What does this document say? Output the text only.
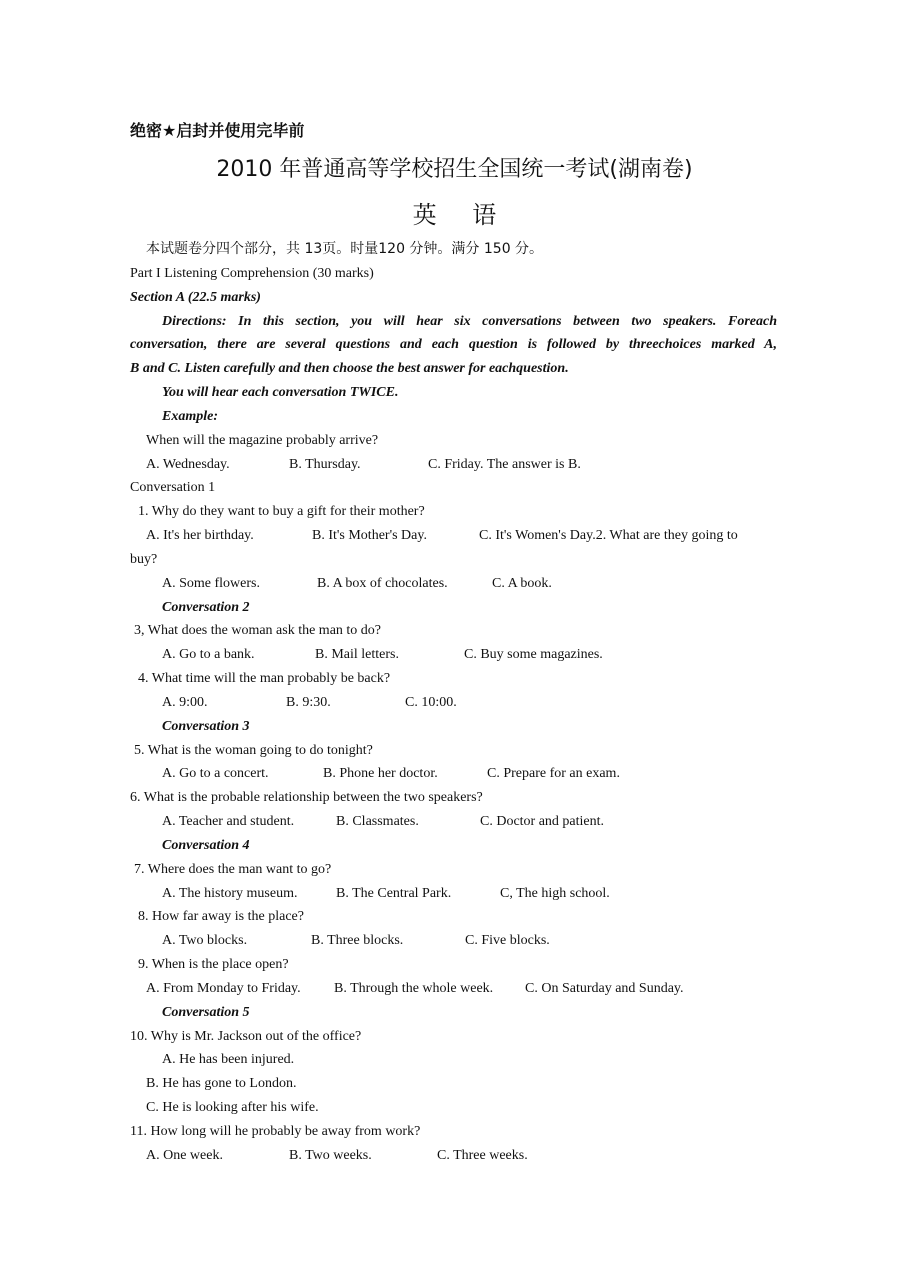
绝密★启封并使用完毕前
2010 年普通高等学校招生全国统一考试(湖南卷)
英 语
本试题卷分四个部分，共 13页。时量120 分钟。满分 150 分。
Part I Listening Comprehension (30 marks)
Section A (22.5 marks)
Directions: In this section, you will hear six conversations between two speakers. Foreach
conversation, there are several questions and each question is followed by threechoices marked A,
B and C. Listen carefully and then choose the best answer for eachquestion.
You will hear each conversation TWICE.
Example:
When will the magazine probably arrive?
A. Wednesday.	B. Thursday.	C. Friday. The answer is B.
Conversation 1
1. Why do they want to buy a gift for their mother?
A. It's her birthday.	B. It's Mother's Day.	C. It's Women's Day.2. What are they going to
buy?
A. Some flowers.	B. A box of chocolates.	C. A book.
Conversation 2
3, What does the woman ask the man to do?
A. Go to a bank.	B. Mail letters.	C. Buy some magazines.
4. What time will the man probably be back?
A. 9:00.	B. 9:30.	C. 10:00.
Conversation 3
5. What is the woman going to do tonight?
A. Go to a concert.	B. Phone her doctor.	C. Prepare for an exam.
6. What is the probable relationship between the two speakers?
A. Teacher and student.	B. Classmates.	C. Doctor and patient.
Conversation 4
7. Where does the man want to go?
A. The history museum.	B. The Central Park.	C, The high school.
8. How far away is the place?
A. Two blocks.	B. Three blocks.	C. Five blocks.
9. When is the place open?
A. From Monday to Friday. B. Through the whole week. C. On Saturday and Sunday.
Conversation 5
10. Why is Mr. Jackson out of the office?
A. He has been injured.
B. He has gone to London.
C. He is looking after his wife.
11. How long will he probably be away from work?
A. One week.	B. Two weeks.	C. Three weeks.
